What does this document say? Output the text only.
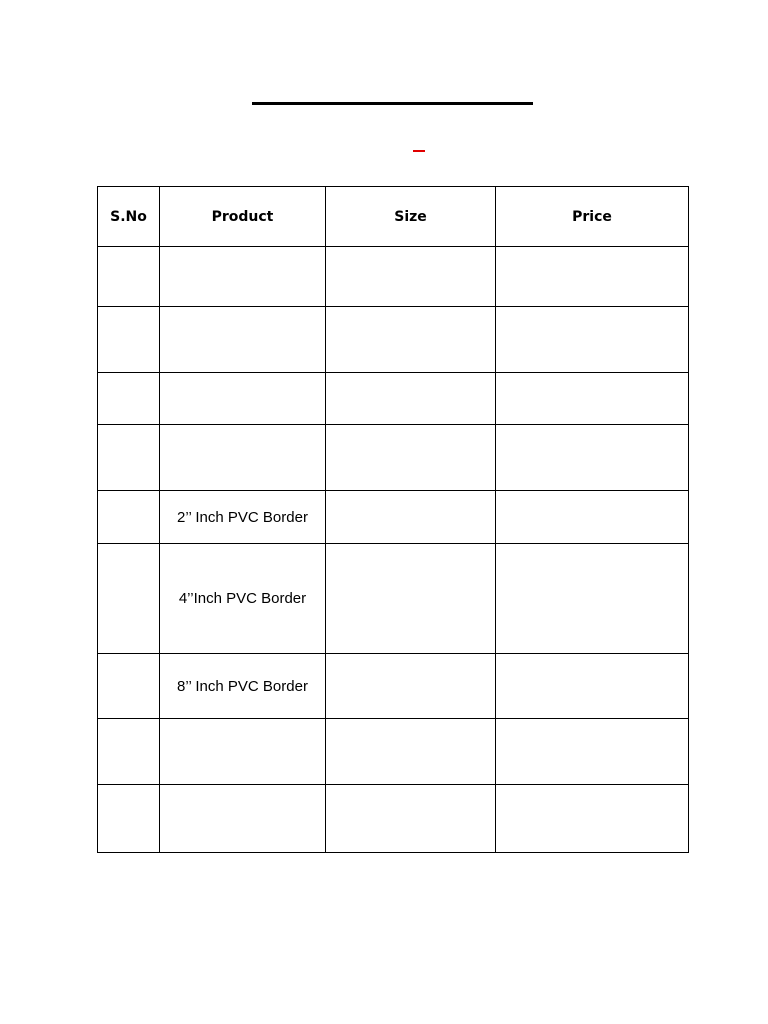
S.No	Product	Size	Price

	2’’ Inch PVC Border		
	4’’Inch PVC Border		
	8’’ Inch PVC Border		
